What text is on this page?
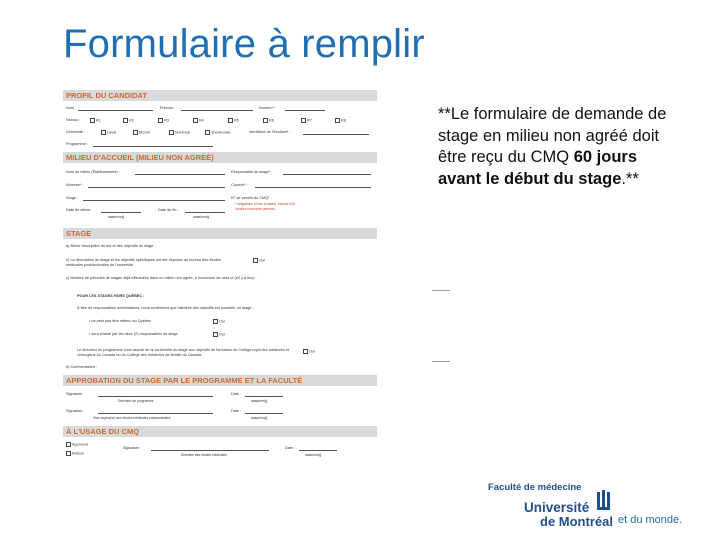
Formulaire à remplir
PROFIL DU CANDIDAT
Nom :	Prénom :	Numéro* :
Niveau :	R1	R2	R3	R4	R5	R6	R7	R8
Université :	Laval	McGill	Montréal	Sherbrooke	Identifiant de l'étudiant* :
Programme :
MILIEU D'ACCUEIL (MILIEU NON AGRÉÉ)
Nom du milieu (Établissement) :	Responsable du stage* :
Adresse* :	Courriel* :
Stage :	N° de permis du CMQ* :
* obligatoire, si rien à mettre, inscrire N/A
Veuillez nous faire parvenir...
Date de début :
aaaa/mm/jj
Date de fin :
aaaa/mm/jj
STAGE
a) Brève description du but et des objectifs du stage :
b) La description du stage et les objectifs spécifiques ont été déposés au bureau des études médicales postdoctorales de l'université
Oui
c) Nombre de périodes de stages déjà effectuées dans un milieu non agréé, à l'exclusion de celui-ci (s'il y a lieu) :
POUR LES STAGES HORS QUÉBEC :
À titre de responsables universitaires, nous confirmons que l'atteinte des objectifs est possible, ce stage :
• ne peut pas être obtenu au Québec	Oui
• sera évalué par les deux (2) responsables de stage	Oui
Le directeur du programme s'est assuré de la conformité du stage aux objectifs de formation du Collège royal des médecins et chirurgiens du Canada ou du Collège des médecins de famille du Canada.
Oui
d) Commentaires :
APPROBATION DU STAGE PAR LE PROGRAMME ET LA FACULTÉ
Signature :
Directeur de programme
Date :
aaaa/mm/jj
Signature :
Vice-doyen(ne) aux études médicales postdoctorales
Date :
aaaa/mm/jj
À L'USAGE DU CMQ
Approuvé
Refusé
Signature :
Direction des études médicales
Date :
aaaa/mm/jj
**Le formulaire de demande de stage en milieu non agréé doit être reçu du CMQ 60 jours avant le début du stage.**
Faculté de médecine
Université
de Montréal et du monde.
